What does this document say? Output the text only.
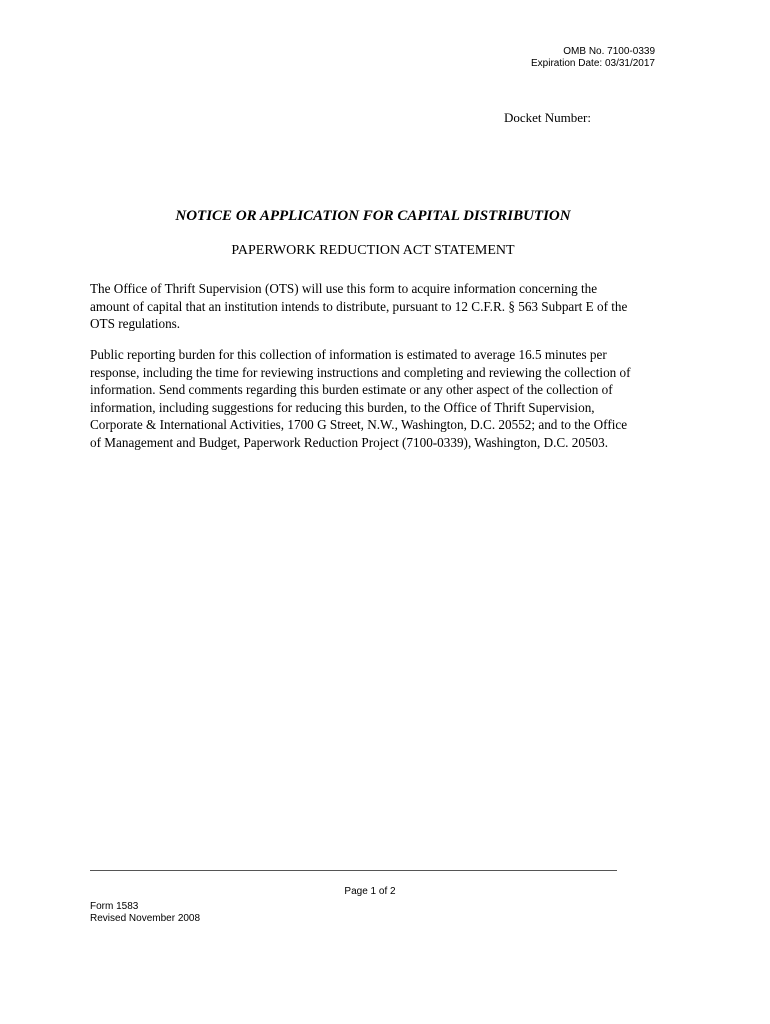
OMB No. 7100-0339
Expiration Date: 03/31/2017
Docket Number:
NOTICE OR APPLICATION FOR CAPITAL DISTRIBUTION
PAPERWORK REDUCTION ACT STATEMENT
The Office of Thrift Supervision (OTS) will use this form to acquire information concerning the amount of capital that an institution intends to distribute, pursuant to 12 C.F.R. § 563 Subpart E of the OTS regulations.
Public reporting burden for this collection of information is estimated to average 16.5 minutes per response, including the time for reviewing instructions and completing and reviewing the collection of information. Send comments regarding this burden estimate or any other aspect of the collection of information, including suggestions for reducing this burden, to the Office of Thrift Supervision, Corporate & International Activities, 1700 G Street, N.W., Washington, D.C. 20552; and to the Office of Management and Budget, Paperwork Reduction Project (7100-0339), Washington, D.C. 20503.
Page 1 of 2
Form 1583
Revised November 2008
